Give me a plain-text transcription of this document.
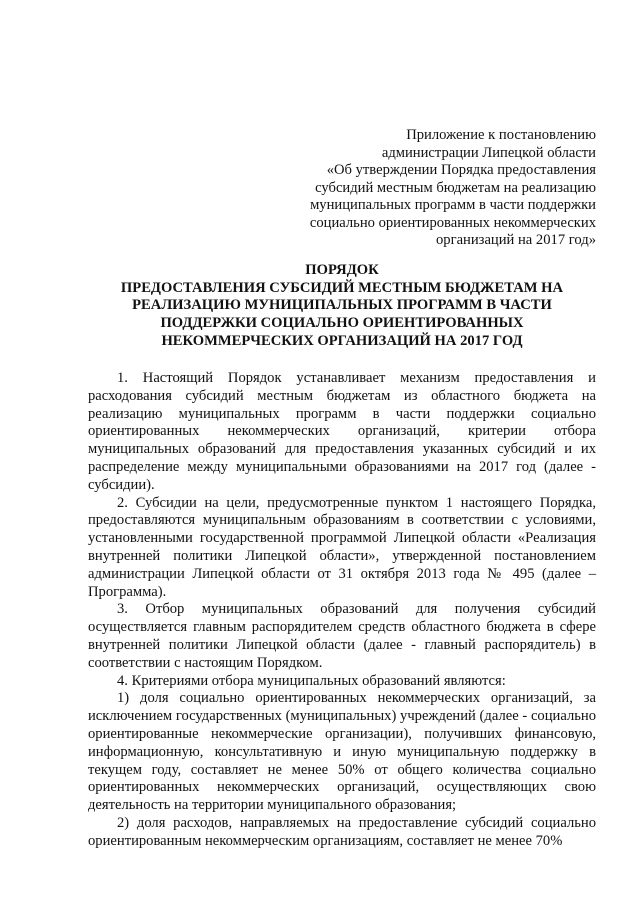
Приложение к постановлению
администрации Липецкой области
«Об утверждении Порядка предоставления
субсидий местным бюджетам на реализацию
муниципальных программ в части поддержки
социально ориентированных некоммерческих
организаций на 2017 год»
ПОРЯДОК
ПРЕДОСТАВЛЕНИЯ СУБСИДИЙ МЕСТНЫМ БЮДЖЕТАМ НА
РЕАЛИЗАЦИЮ МУНИЦИПАЛЬНЫХ ПРОГРАММ В ЧАСТИ
ПОДДЕРЖКИ СОЦИАЛЬНО ОРИЕНТИРОВАННЫХ
НЕКОММЕРЧЕСКИХ ОРГАНИЗАЦИЙ НА 2017 ГОД

1. Настоящий Порядок устанавливает механизм предоставления и расходования субсидий местным бюджетам из областного бюджета на реализацию муниципальных программ в части поддержки социально ориентированных некоммерческих организаций, критерии отбора муниципальных образований для предоставления указанных субсидий и их распределение между муниципальными образованиями на 2017 год (далее - субсидии).

2. Субсидии на цели, предусмотренные пунктом 1 настоящего Порядка, предоставляются муниципальным образованиям в соответствии с условиями, установленными государственной программой Липецкой области «Реализация внутренней политики Липецкой области», утвержденной постановлением администрации Липецкой области от 31 октября 2013 года № 495 (далее – Программа).

3. Отбор муниципальных образований для получения субсидий осуществляется главным распорядителем средств областного бюджета в сфере внутренней политики Липецкой области (далее - главный распорядитель) в соответствии с настоящим Порядком.

4. Критериями отбора муниципальных образований являются:

1) доля социально ориентированных некоммерческих организаций, за исключением государственных (муниципальных) учреждений (далее - социально ориентированные некоммерческие организации), получивших финансовую, информационную, консультативную и иную муниципальную поддержку в текущем году, составляет не менее 50% от общего количества социально ориентированных некоммерческих организаций, осуществляющих свою деятельность на территории муниципального образования;

2) доля расходов, направляемых на предоставление субсидий социально ориентированным некоммерческим организациям, составляет не менее 70%
